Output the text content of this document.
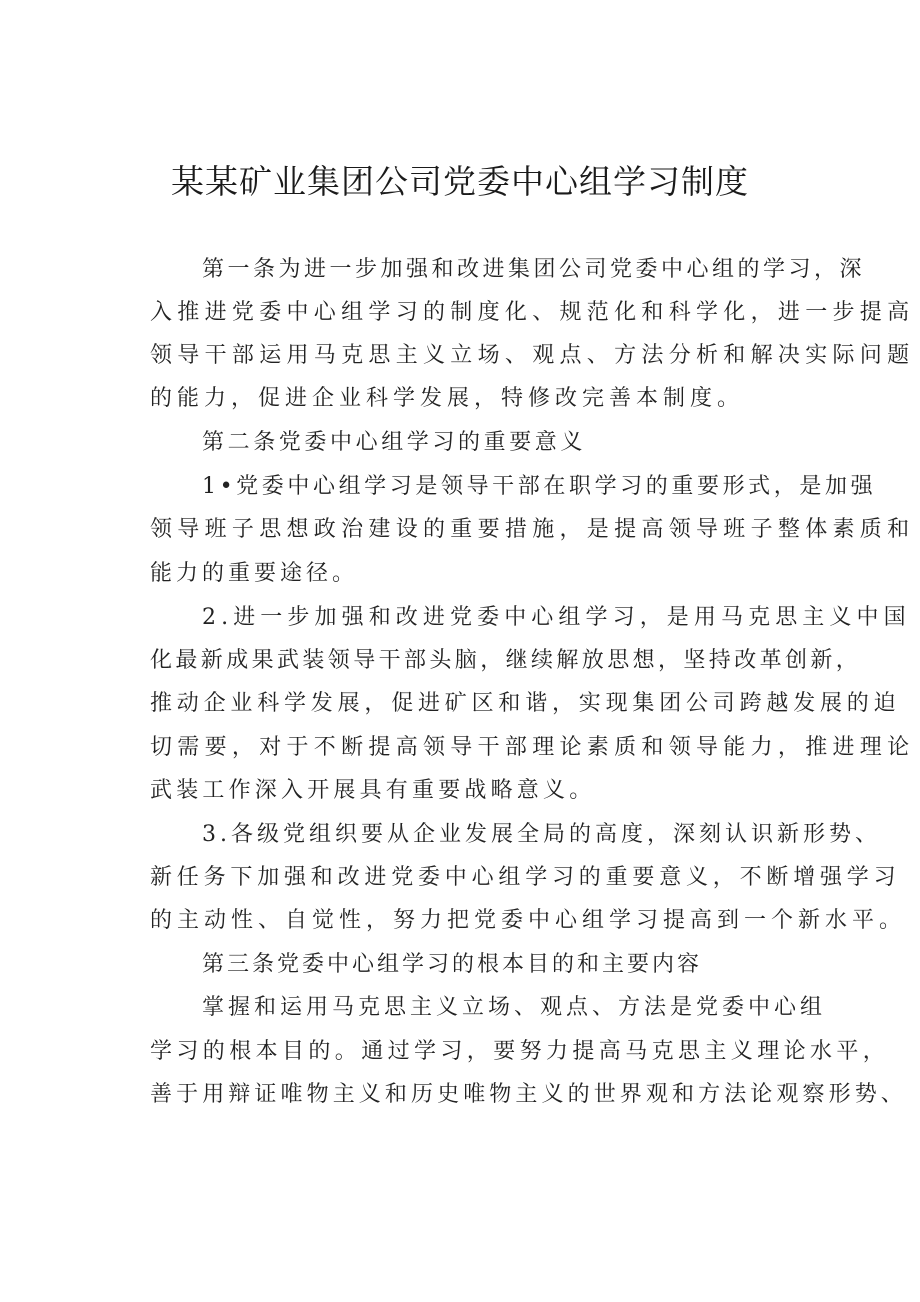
某某矿业集团公司党委中心组学习制度
第一条为进一步加强和改进集团公司党委中心组的学习，深
入推进党委中心组学习的制度化、规范化和科学化，进一步提高
领导干部运用马克思主义立场、观点、方法分析和解决实际问题
的能力，促进企业科学发展，特修改完善本制度。
第二条党委中心组学习的重要意义
1•党委中心组学习是领导干部在职学习的重要形式，是加强
领导班子思想政治建设的重要措施，是提高领导班子整体素质和
能力的重要途径。
2.进一步加强和改进党委中心组学习，是用马克思主义中国
化最新成果武装领导干部头脑，继续解放思想，坚持改革创新，
推动企业科学发展，促进矿区和谐，实现集团公司跨越发展的迫
切需要，对于不断提高领导干部理论素质和领导能力，推进理论
武装工作深入开展具有重要战略意义。
3.各级党组织要从企业发展全局的高度，深刻认识新形势、
新任务下加强和改进党委中心组学习的重要意义，不断增强学习
的主动性、自觉性，努力把党委中心组学习提高到一个新水平。
第三条党委中心组学习的根本目的和主要内容
掌握和运用马克思主义立场、观点、方法是党委中心组
学习的根本目的。通过学习，要努力提高马克思主义理论水平，
善于用辩证唯物主义和历史唯物主义的世界观和方法论观察形势、
